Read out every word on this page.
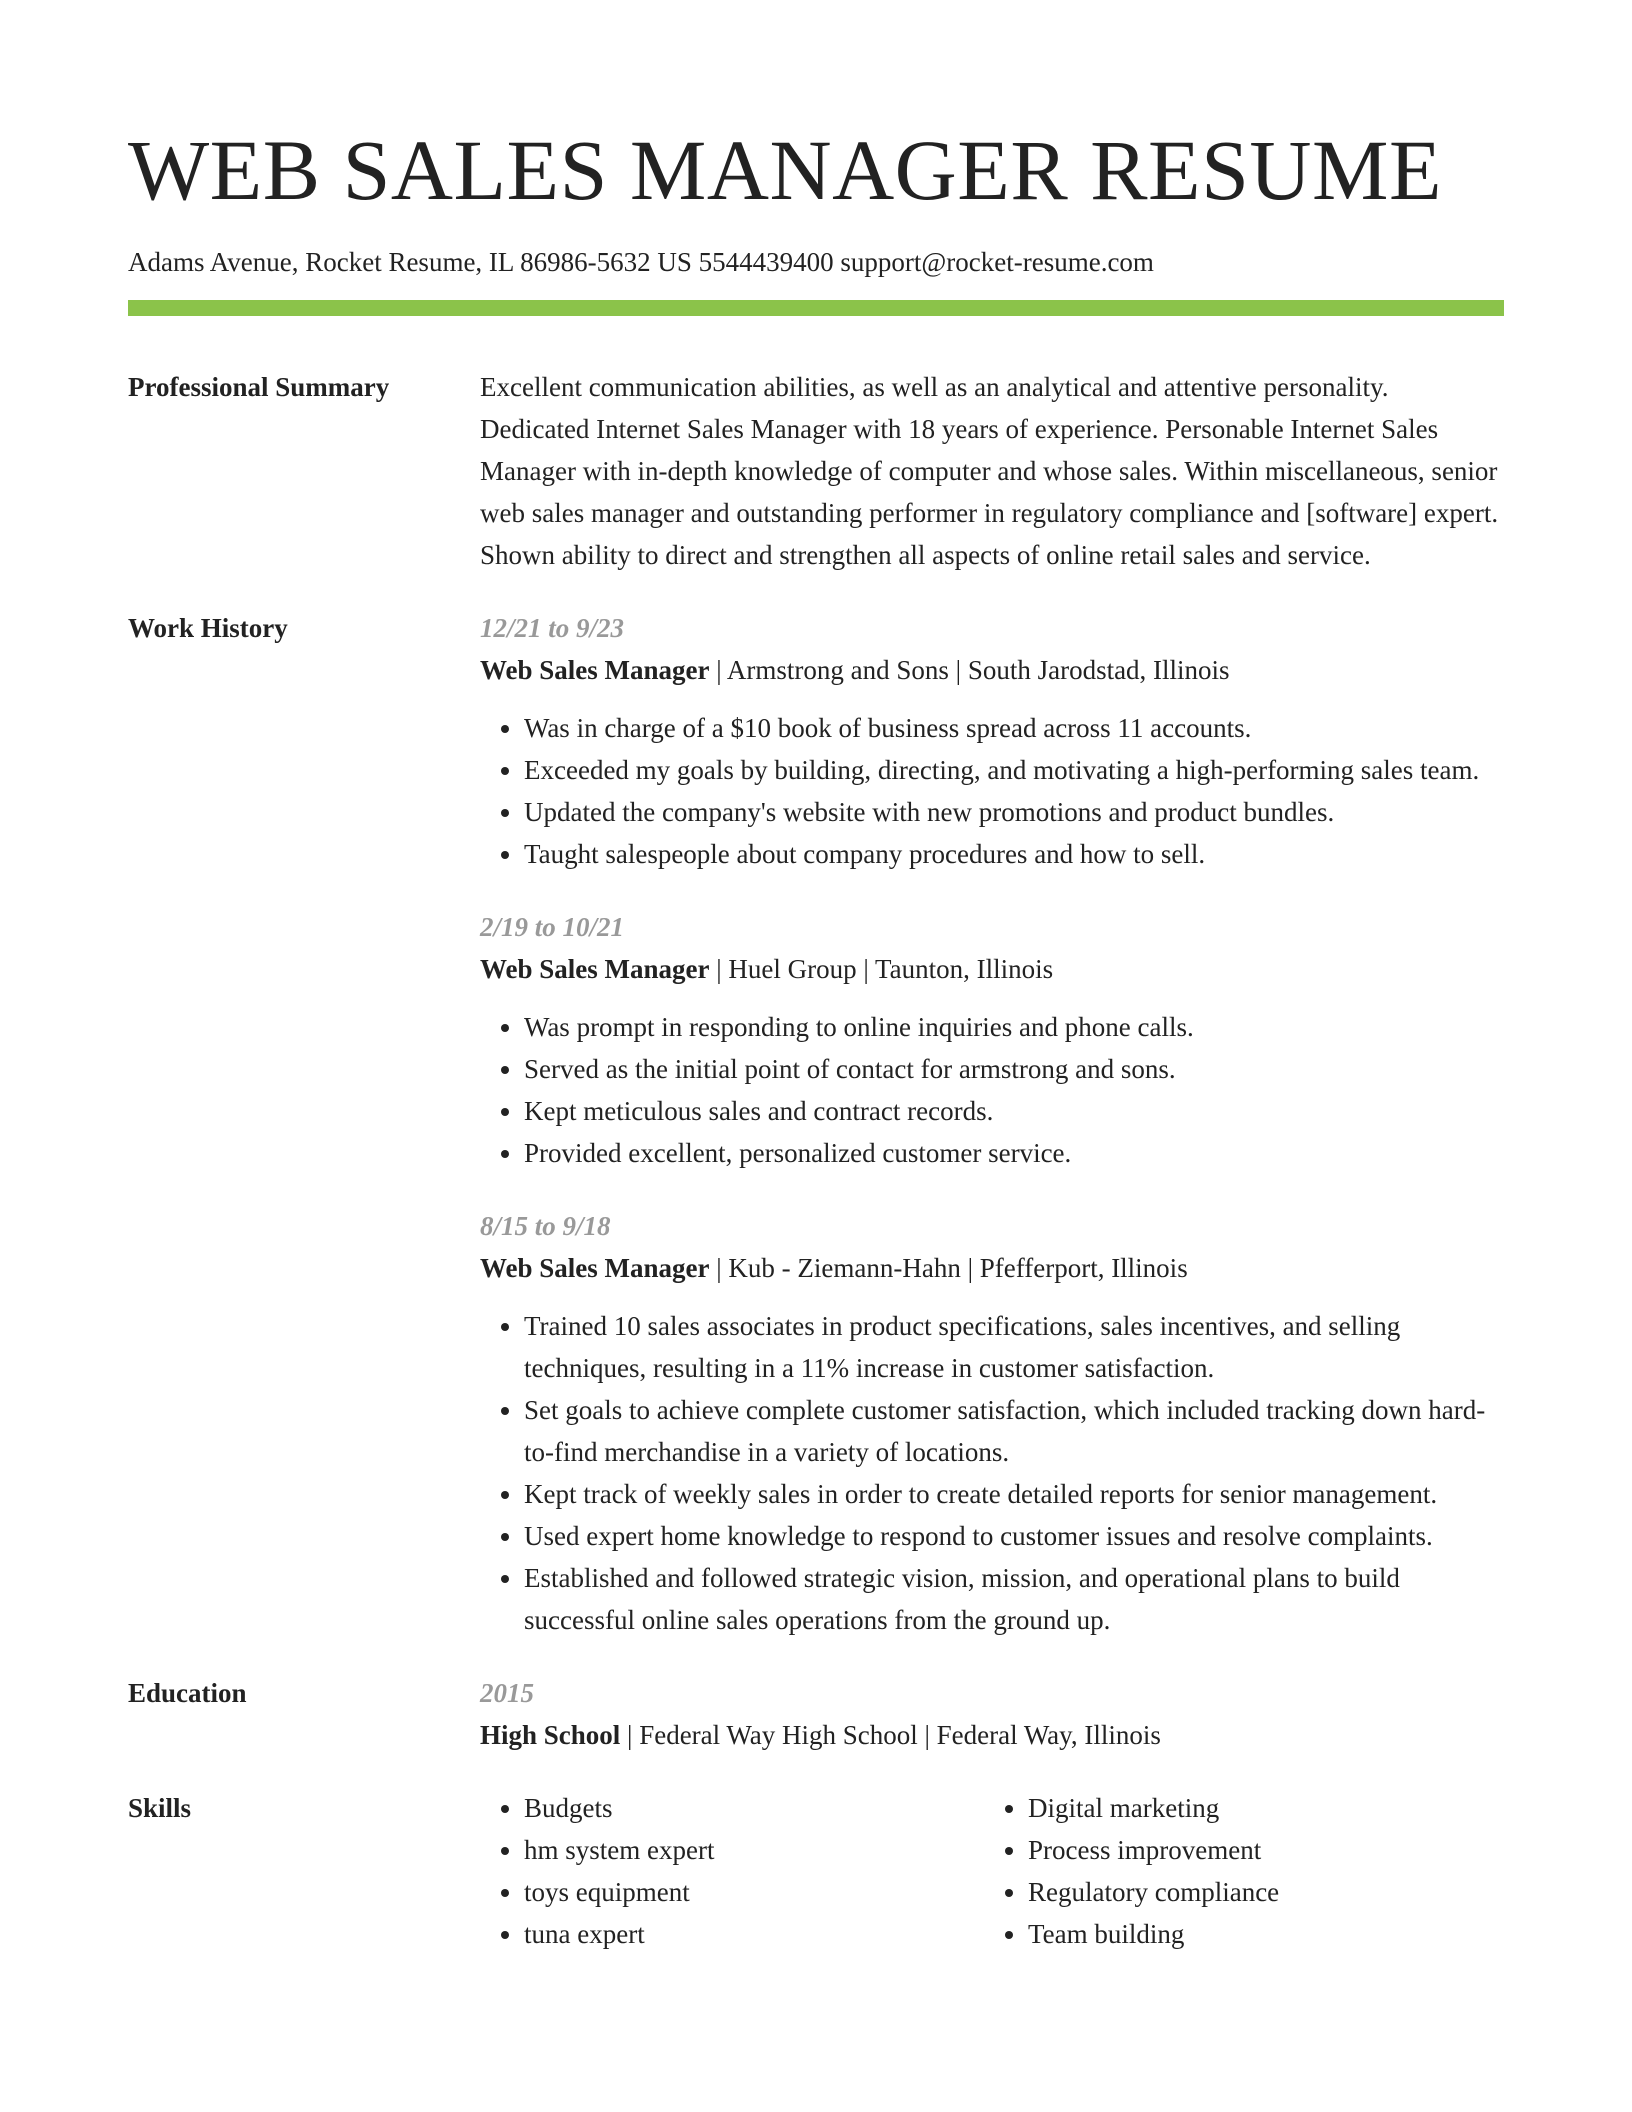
WEB SALES MANAGER RESUME
Adams Avenue, Rocket Resume, IL 86986-5632 US 5544439400 support@rocket-resume.com
Professional Summary	Excellent communication abilities, as well as an analytical and attentive personality. Dedicated Internet Sales Manager with 18 years of experience. Personable Internet Sales Manager with in-depth knowledge of computer and whose sales. Within miscellaneous, senior web sales manager and outstanding performer in regulatory compliance and [software] expert. Shown ability to direct and strengthen all aspects of online retail sales and service.
Work History	12/21 to 9/23
Web Sales Manager | Armstrong and Sons | South Jarodstad, Illinois
• Was in charge of a $10 book of business spread across 11 accounts.
• Exceeded my goals by building, directing, and motivating a high-performing sales team.
• Updated the company's website with new promotions and product bundles.
• Taught salespeople about company procedures and how to sell.
2/19 to 10/21
Web Sales Manager | Huel Group | Taunton, Illinois
• Was prompt in responding to online inquiries and phone calls.
• Served as the initial point of contact for armstrong and sons.
• Kept meticulous sales and contract records.
• Provided excellent, personalized customer service.
8/15 to 9/18
Web Sales Manager | Kub - Ziemann-Hahn | Pfefferport, Illinois
• Trained 10 sales associates in product specifications, sales incentives, and selling techniques, resulting in a 11% increase in customer satisfaction.
• Set goals to achieve complete customer satisfaction, which included tracking down hard-to-find merchandise in a variety of locations.
• Kept track of weekly sales in order to create detailed reports for senior management.
• Used expert home knowledge to respond to customer issues and resolve complaints.
• Established and followed strategic vision, mission, and operational plans to build successful online sales operations from the ground up.
Education	2015
High School | Federal Way High School | Federal Way, Illinois
Skills
•	Budgets
• hm system expert
• toys equipment
• tuna expert
• Digital marketing
• Process improvement
• Regulatory compliance
• Team building
